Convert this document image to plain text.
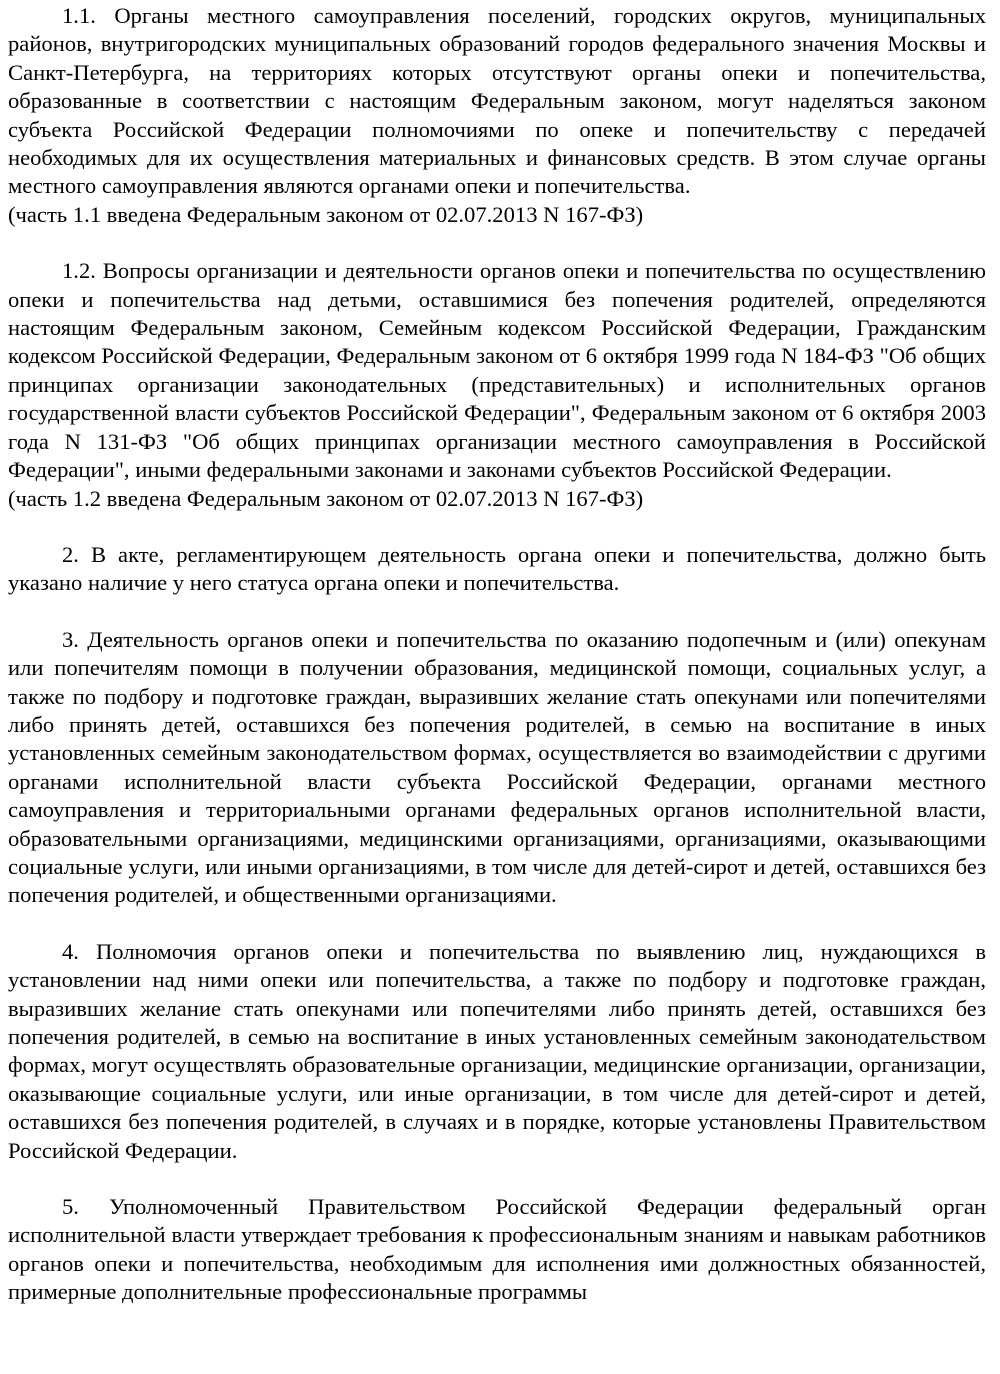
1.1. Органы местного самоуправления поселений, городских округов, муниципальных районов, внутригородских муниципальных образований городов федерального значения Москвы и Санкт-Петербурга, на территориях которых отсутствуют органы опеки и попечительства, образованные в соответствии с настоящим Федеральным законом, могут наделяться законом субъекта Российской Федерации полномочиями по опеке и попечительству с передачей необходимых для их осуществления материальных и финансовых средств. В этом случае органы местного самоуправления являются органами опеки и попечительства.

(часть 1.1 введена Федеральным законом от 02.07.2013 N 167-ФЗ)

1.2. Вопросы организации и деятельности органов опеки и попечительства по осуществлению опеки и попечительства над детьми, оставшимися без попечения родителей, определяются настоящим Федеральным законом, Семейным кодексом Российской Федерации, Гражданским кодексом Российской Федерации, Федеральным законом от 6 октября 1999 года N 184-ФЗ "Об общих принципах организации законодательных (представительных) и исполнительных органов государственной власти субъектов Российской Федерации", Федеральным законом от 6 октября 2003 года N 131-ФЗ "Об общих принципах организации местного самоуправления в Российской Федерации", иными федеральными законами и законами субъектов Российской Федерации.

(часть 1.2 введена Федеральным законом от 02.07.2013 N 167-ФЗ)

2. В акте, регламентирующем деятельность органа опеки и попечительства, должно быть указано наличие у него статуса органа опеки и попечительства.

3. Деятельность органов опеки и попечительства по оказанию подопечным и (или) опекунам или попечителям помощи в получении образования, медицинской помощи, социальных услуг, а также по подбору и подготовке граждан, выразивших желание стать опекунами или попечителями либо принять детей, оставшихся без попечения родителей, в семью на воспитание в иных установленных семейным законодательством формах, осуществляется во взаимодействии с другими органами исполнительной власти субъекта Российской Федерации, органами местного самоуправления и территориальными органами федеральных органов исполнительной власти, образовательными организациями, медицинскими организациями, организациями, оказывающими социальные услуги, или иными организациями, в том числе для детей-сирот и детей, оставшихся без попечения родителей, и общественными организациями.

4. Полномочия органов опеки и попечительства по выявлению лиц, нуждающихся в установлении над ними опеки или попечительства, а также по подбору и подготовке граждан, выразивших желание стать опекунами или попечителями либо принять детей, оставшихся без попечения родителей, в семью на воспитание в иных установленных семейным законодательством формах, могут осуществлять образовательные организации, медицинские организации, организации, оказывающие социальные услуги, или иные организации, в том числе для детей-сирот и детей, оставшихся без попечения родителей, в случаях и в порядке, которые установлены Правительством Российской Федерации.

5. Уполномоченный Правительством Российской Федерации федеральный орган исполнительной власти утверждает требования к профессиональным знаниям и навыкам работников органов опеки и попечительства, необходимым для исполнения ими должностных обязанностей, примерные дополнительные профессиональные программы
